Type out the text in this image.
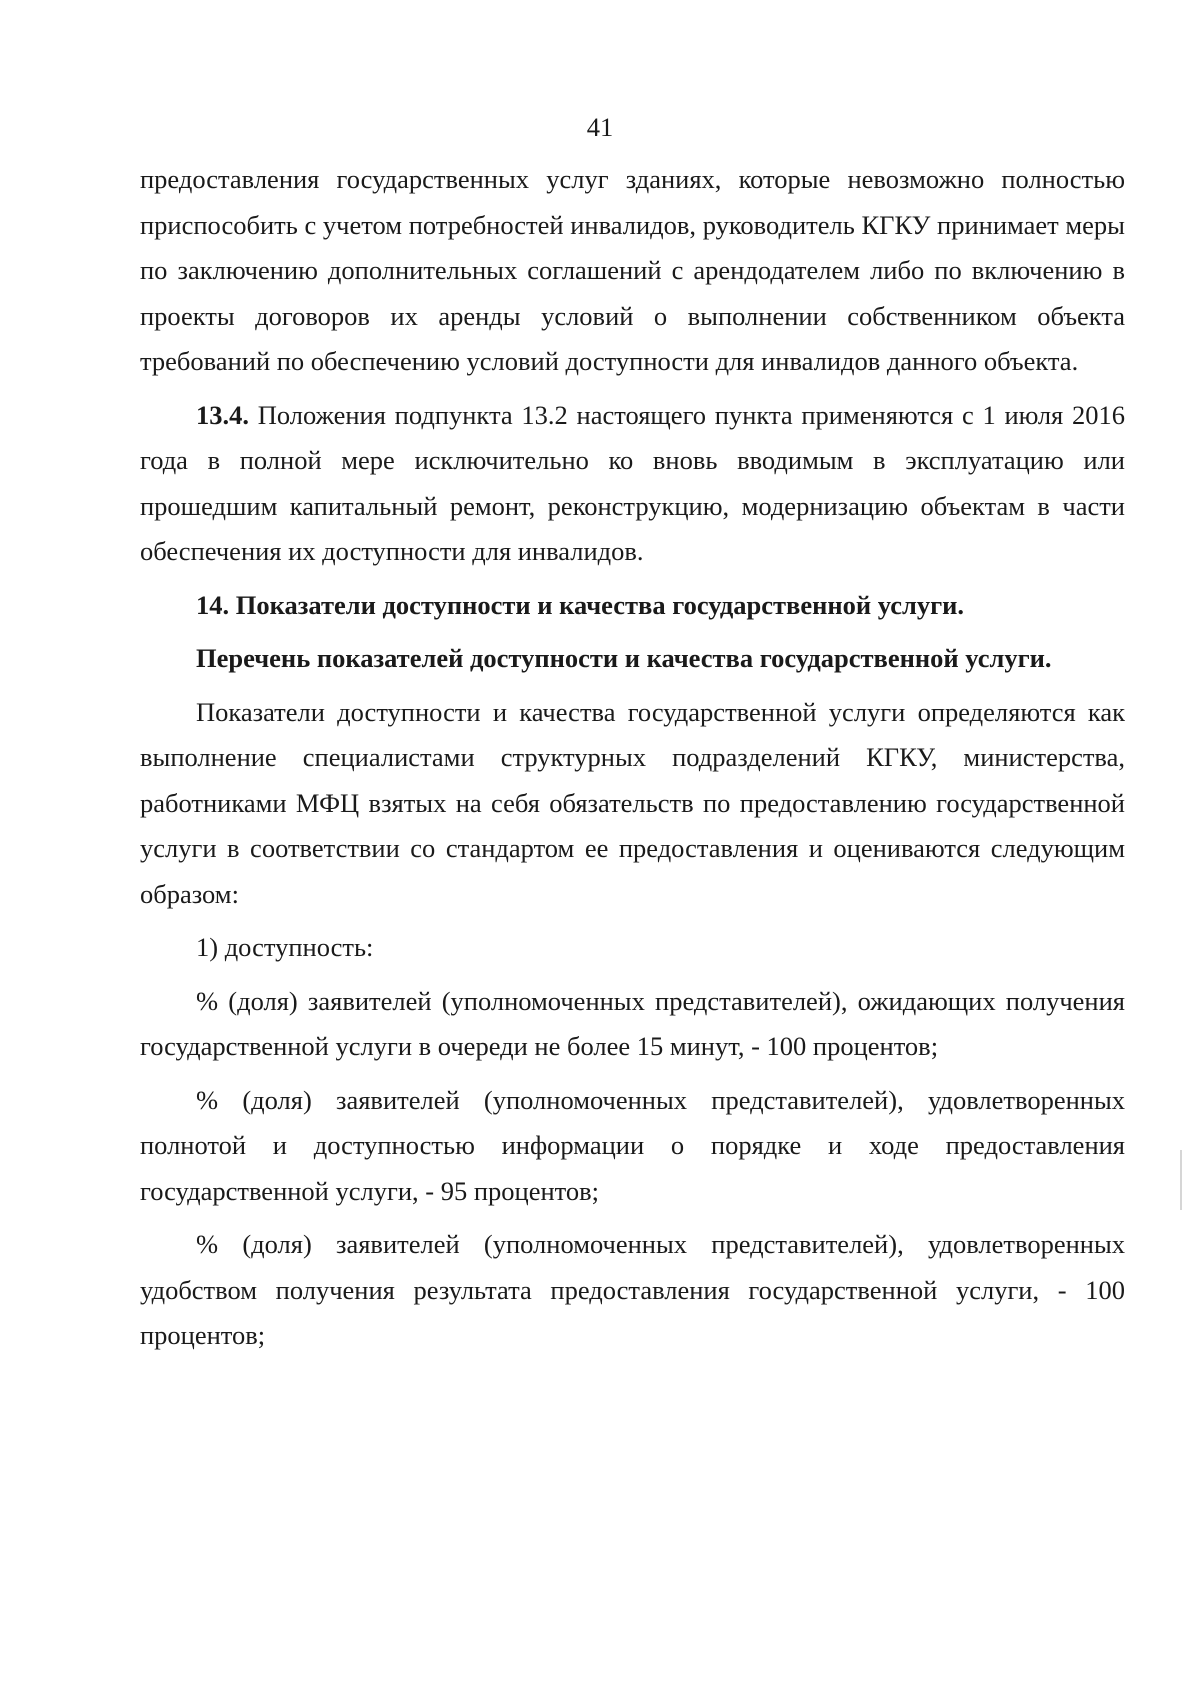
41

предоставления государственных услуг зданиях, которые невозможно полностью приспособить с учетом потребностей инвалидов, руководитель КГКУ принимает меры по заключению дополнительных соглашений с арендодателем либо по включению в проекты договоров их аренды условий о выполнении собственником объекта требований по обеспечению условий доступности для инвалидов данного объекта.

13.4. Положения подпункта 13.2 настоящего пункта применяются с 1 июля 2016 года в полной мере исключительно ко вновь вводимым в эксплуатацию или прошедшим капитальный ремонт, реконструкцию, модернизацию объектам в части обеспечения их доступности для инвалидов.

14. Показатели доступности и качества государственной услуги.

Перечень показателей доступности и качества государственной услуги.

Показатели доступности и качества государственной услуги определяются как выполнение специалистами структурных подразделений КГКУ, министерства, работниками МФЦ взятых на себя обязательств по предоставлению государственной услуги в соответствии со стандартом ее предоставления и оцениваются следующим образом:

1) доступность:

% (доля) заявителей (уполномоченных представителей), ожидающих получения государственной услуги в очереди не более 15 минут, - 100 процентов;

% (доля) заявителей (уполномоченных представителей), удовлетворенных полнотой и доступностью информации о порядке и ходе предоставления государственной услуги, - 95 процентов;

% (доля) заявителей (уполномоченных представителей), удовлетворенных удобством получения результата предоставления государственной услуги, - 100 процентов;
